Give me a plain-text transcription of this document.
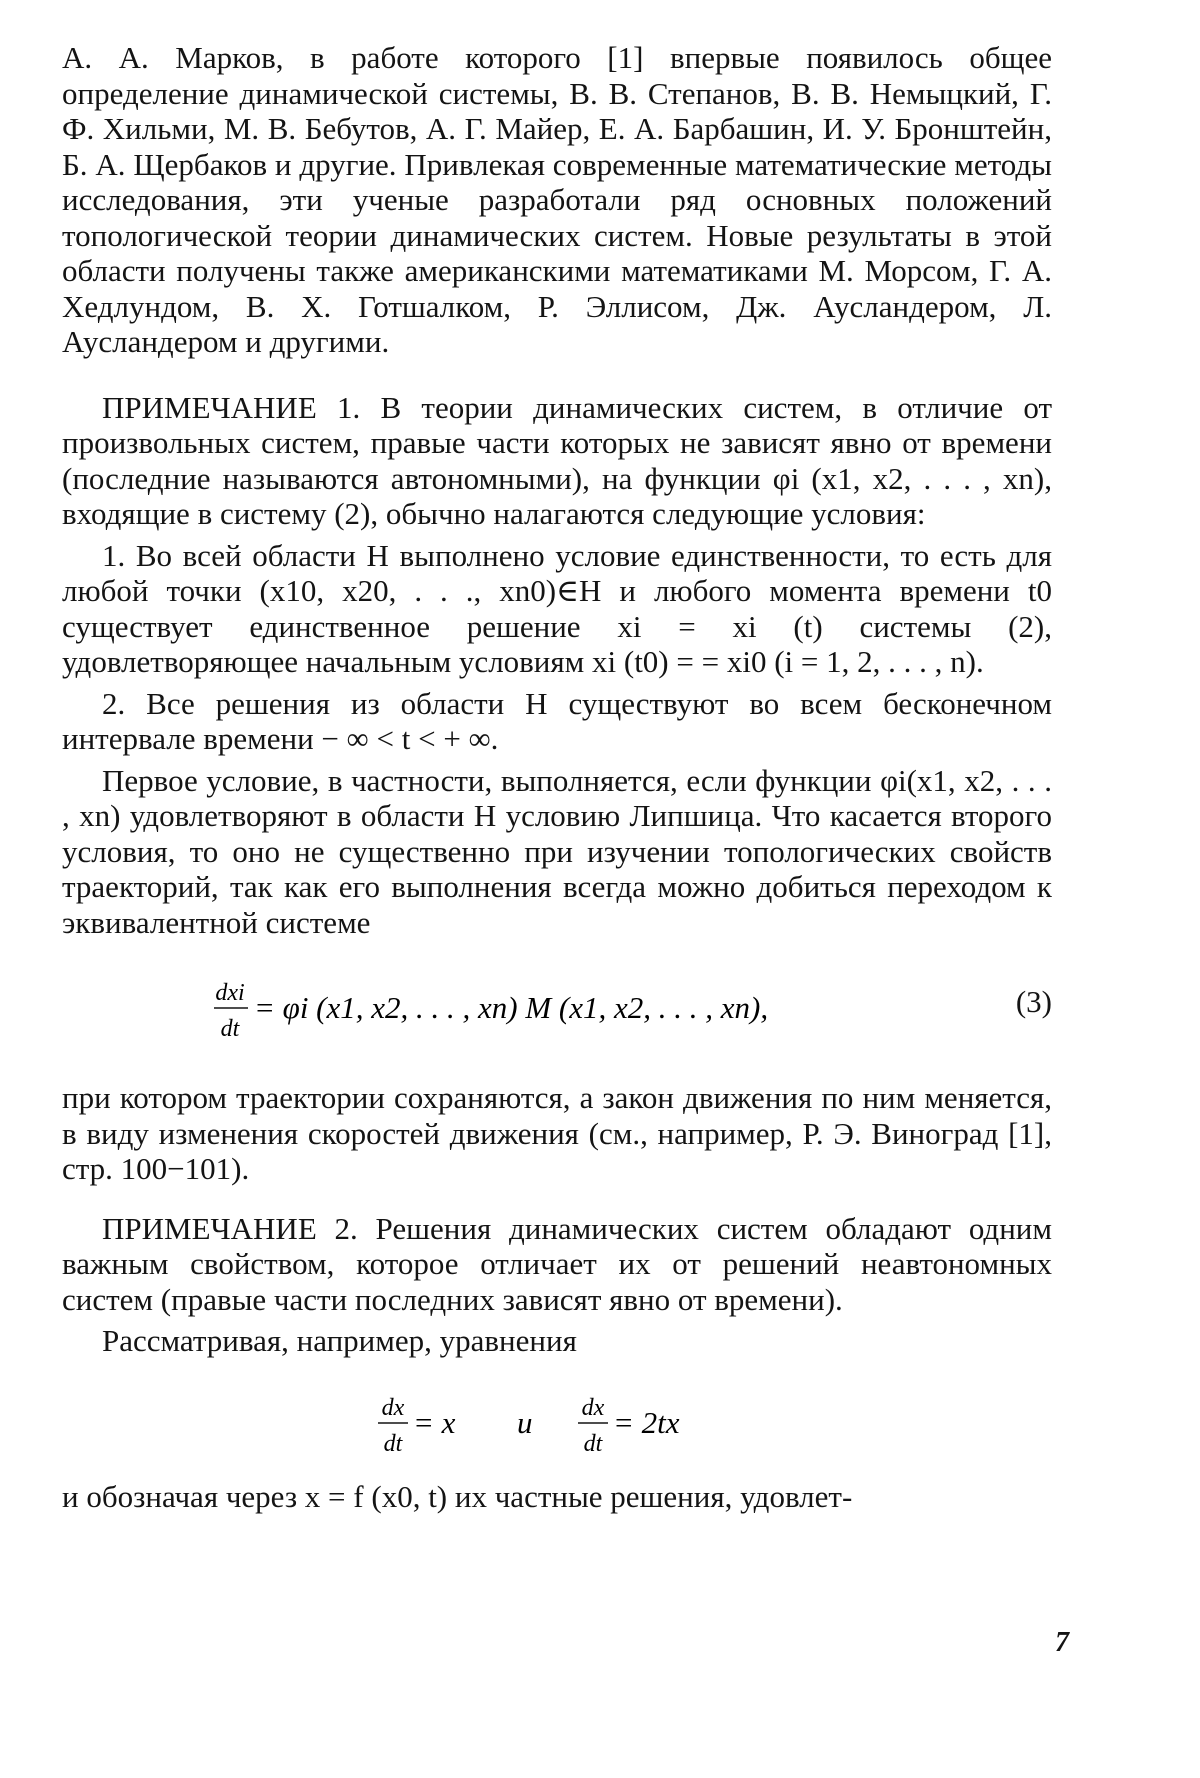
А. А. Марков, в работе которого [1] впервые появилось общее определение динамической системы, В. В. Степанов, В. В. Немыцкий, Г. Ф. Хильми, М. В. Бебутов, А. Г. Майер, Е. А. Барбашин, И. У. Бронштейн, Б. А. Щербаков и другие. Привлекая современные математические методы исследования, эти ученые разработали ряд основных положений топологической теории динамических систем. Новые результаты в этой области получены также американскими математиками М. Морсом, Г. А. Хедлундом, В. Х. Готшалком, Р. Эллисом, Дж. Аусландером, Л. Аусландером и другими.

ПРИМЕЧАНИЕ 1. В теории динамических систем, в отличие от произвольных систем, правые части которых не зависят явно от времени (последние называются автономными), на функции φi (x1, x2, . . . , xn), входящие в систему (2), обычно налагаются следующие условия:

1. Во всей области H выполнено условие единственности, то есть для любой точки (x10, x20, . . ., xn0)∈H и любого момента времени t0 существует единственное решение xi = xi (t) системы (2), удовлетворяющее начальным условиям xi (t0) = = xi0 (i = 1, 2, . . . , n).

2. Все решения из области H существуют во всем бесконечном интервале времени − ∞ < t < + ∞.

Первое условие, в частности, выполняется, если функции φi(x1, x2, . . . , xn) удовлетворяют в области H условию Липшица. Что касается второго условия, то оно не существенно при изучении топологических свойств траекторий, так как его выполнения всегда можно добиться переходом к эквивалентной системе

dxi
dt
= φi (x1, x2, . . . , xn) M (x1, x2, . . . , xn),	(3)

при котором траектории сохраняются, а закон движения по ним меняется, в виду изменения скоростей движения (см., например, Р. Э. Виноград [1], стр. 100−101).

ПРИМЕЧАНИЕ 2. Решения динамических систем обладают одним важным свойством, которое отличает их от решений неавтономных систем (правые части последних зависят явно от времени).

Рассматривая, например, уравнения

dx
dt
= x и dx
dt
= 2tx

и обозначая через x = f (x0, t) их частные решения, удовлет-

7
